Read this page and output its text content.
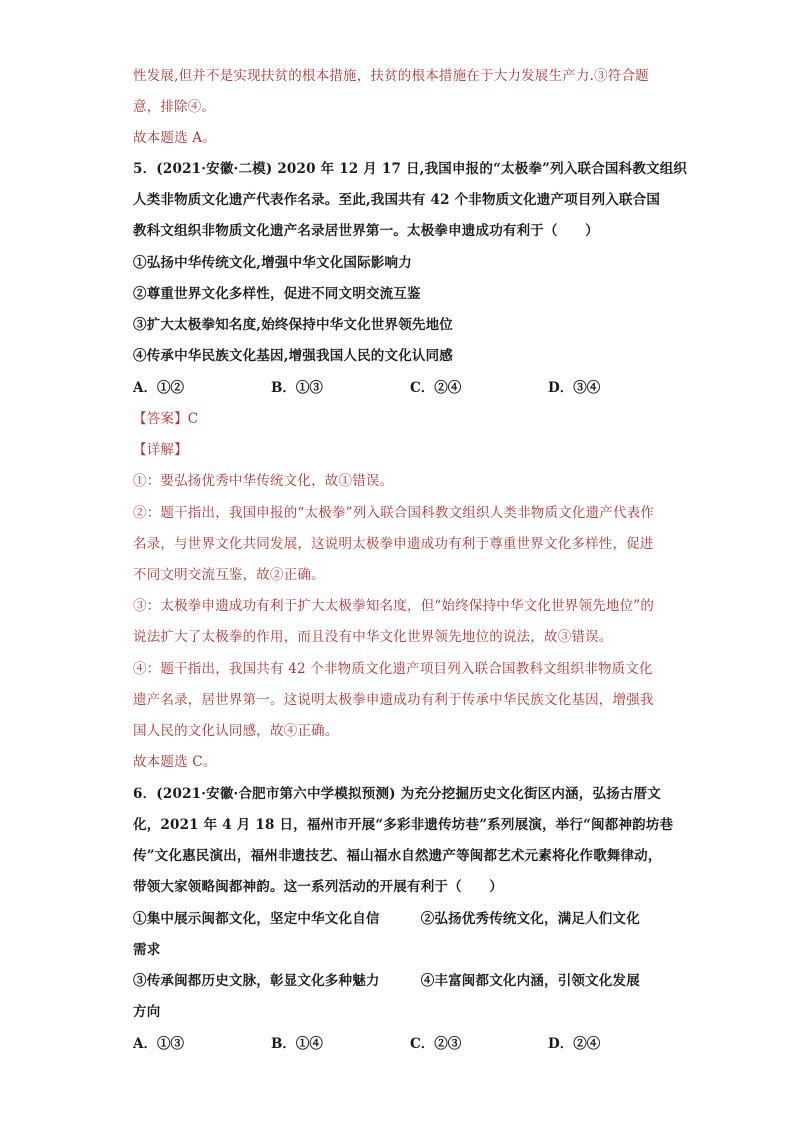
性发展,但并不是实现扶贫的根本措施，扶贫的根本措施在于大力发展生产力.③符合题
意，排除④。
故本题选 A。
5．(2021·安徽·二模) 2020 年 12 月 17 日,我国申报的“太极拳”列入联合国科教文组织
人类非物质文化遗产代表作名录。至此,我国共有 42 个非物质文化遗产项目列入联合国
教科文组织非物质文化遗产名录居世界第一。太极拳申遗成功有利于（　　）
①弘扬中华传统文化,增强中华文化国际影响力
②尊重世界文化多样性，促进不同文明交流互鉴
③扩大太极拳知名度,始终保持中华文化世界领先地位
④传承中华民族文化基因,增强我国人民的文化认同感
A．①②	B．①③	C．②④	D．③④
【答案】C
【详解】
①：要弘扬优秀中华传统文化，故①错误。
②：题干指出，我国申报的“太极拳”列入联合国科教文组织人类非物质文化遗产代表作
名录，与世界文化共同发展，这说明太极拳申遗成功有利于尊重世界文化多样性，促进
不同文明交流互鉴，故②正确。
③：太极拳申遗成功有利于扩大太极拳知名度，但“始终保持中华文化世界领先地位”的
说法扩大了太极拳的作用，而且没有中华文化世界领先地位的说法，故③错误。
④：题干指出，我国共有 42 个非物质文化遗产项目列入联合国教科文组织非物质文化
遗产名录，居世界第一。这说明太极拳申遗成功有利于传承中华民族文化基因，增强我
国人民的文化认同感，故④正确。
故本题选 C。
6．(2021·安徽·合肥市第六中学模拟预测) 为充分挖掘历史文化街区内涵，弘扬古厝文
化，2021 年 4 月 18 日，福州市开展“多彩非遗传坊巷”系列展演，举行“闽都神韵坊巷
传”文化惠民演出，福州非遗技艺、福山福水自然遗产等闽都艺术元素将化作歌舞律动，
带领大家领略闽都神韵。这一系列活动的开展有利于（　　）
①集中展示闽都文化，坚定中华文化自信　　　②弘扬优秀传统文化，满足人们文化
需求
③传承闽都历史文脉，彰显文化多种魅力　　　④丰富闽都文化内涵，引领文化发展
方向
A．①③	B．①④	C．②③	D．②④
